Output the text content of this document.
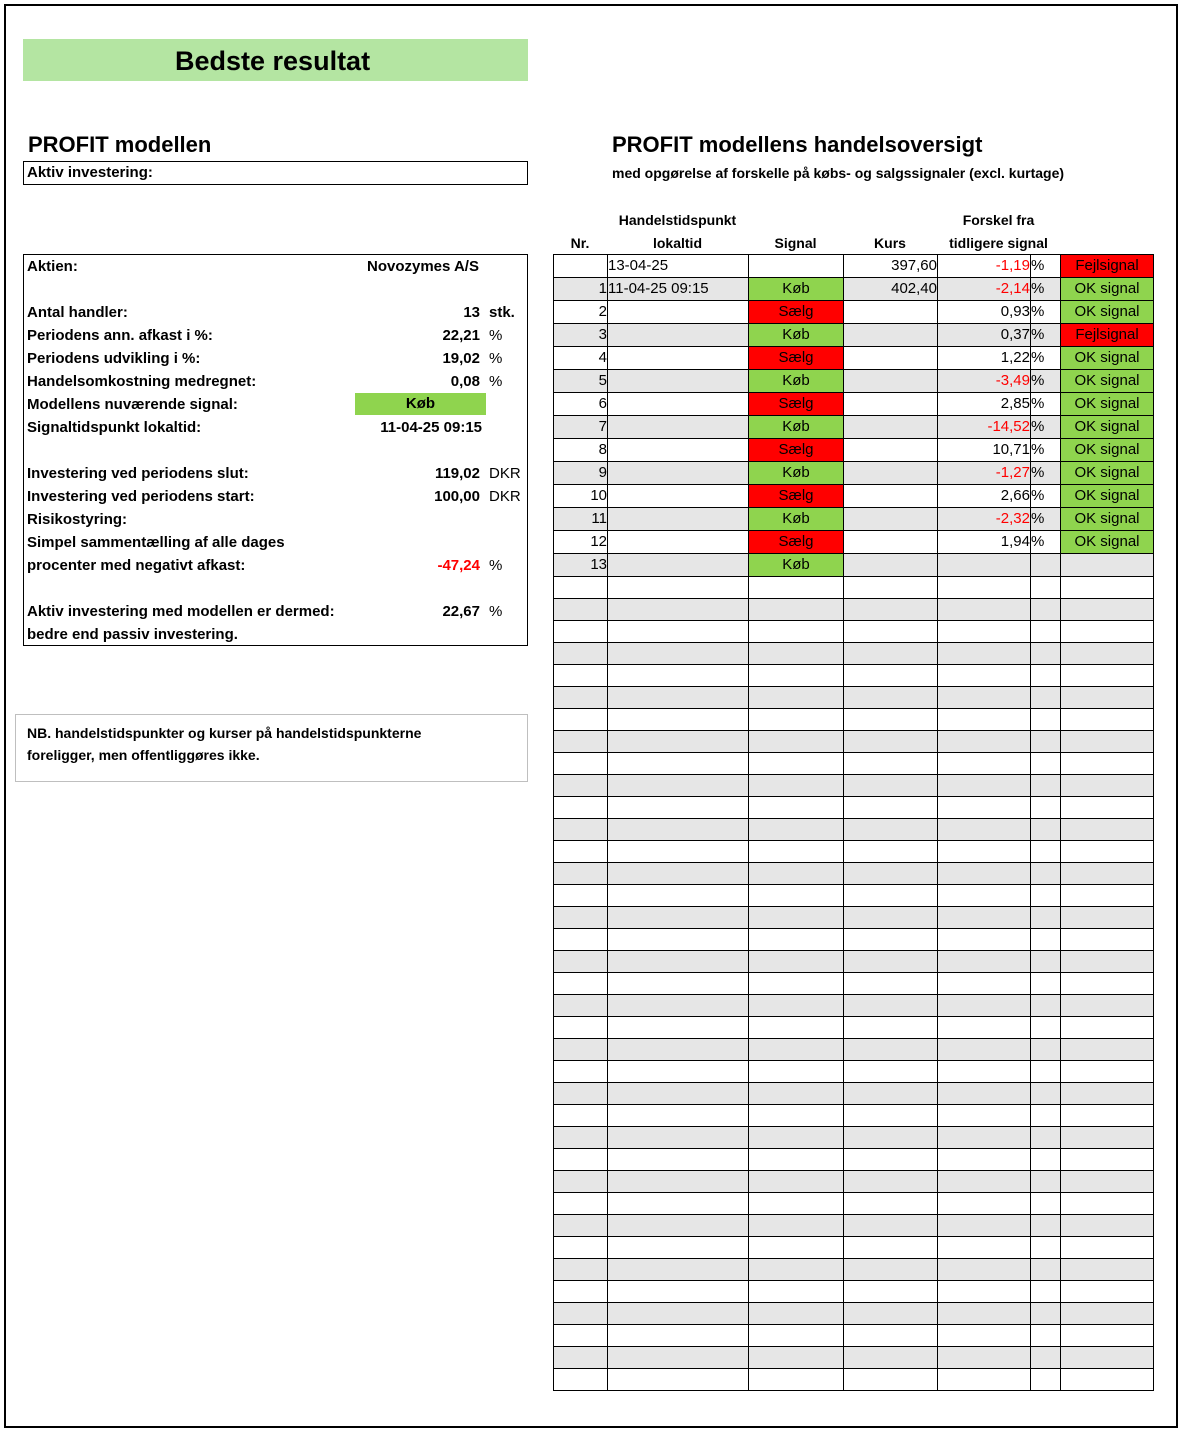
Bedste resultat
PROFIT modellen
Aktiv investering:
Aktien:	Novozymes A/S
Antal handler:	13 stk.
Periodens ann. afkast i %:	22,21 %
Periodens udvikling i %:	19,02 %
Handelsomkostning medregnet:	0,08 %
Modellens nuværende signal:	Køb
Signaltidspunkt lokaltid:	11-04-25 09:15
Investering ved periodens slut:	119,02 DKR
Investering ved periodens start:	100,00 DKR
Risikostyring:
Simpel sammentælling af alle dages
procenter med negativt afkast:	-47,24 %
Aktiv investering med modellen er dermed:	22,67 %
bedre end passiv investering.
NB. handelstidspunkter og kurser på handelstidspunkterne
foreligger, men offentliggøres ikke.
PROFIT modellens handelsoversigt
med opgørelse af forskelle på købs- og salgssignaler (excl. kurtage)
Nr.
Handelstidspunkt
lokaltid	Signal	Kurs
Forskel fra
tidligere signal
	13-04-25		397,60	-1,19	%	Fejlsignal
1	11-04-25 09:15	Køb	402,40	-2,14	%	OK signal
2		Sælg		0,93	%	OK signal
3		Køb		0,37	%	Fejlsignal
4		Sælg		1,22	%	OK signal
5		Køb		-3,49	%	OK signal
6		Sælg		2,85	%	OK signal
7		Køb		-14,52	%	OK signal
8		Sælg		10,71	%	OK signal
9		Køb		-1,27	%	OK signal
10		Sælg		2,66	%	OK signal
11		Køb		-2,32	%	OK signal
12		Sælg		1,94	%	OK signal
13		Køb				
